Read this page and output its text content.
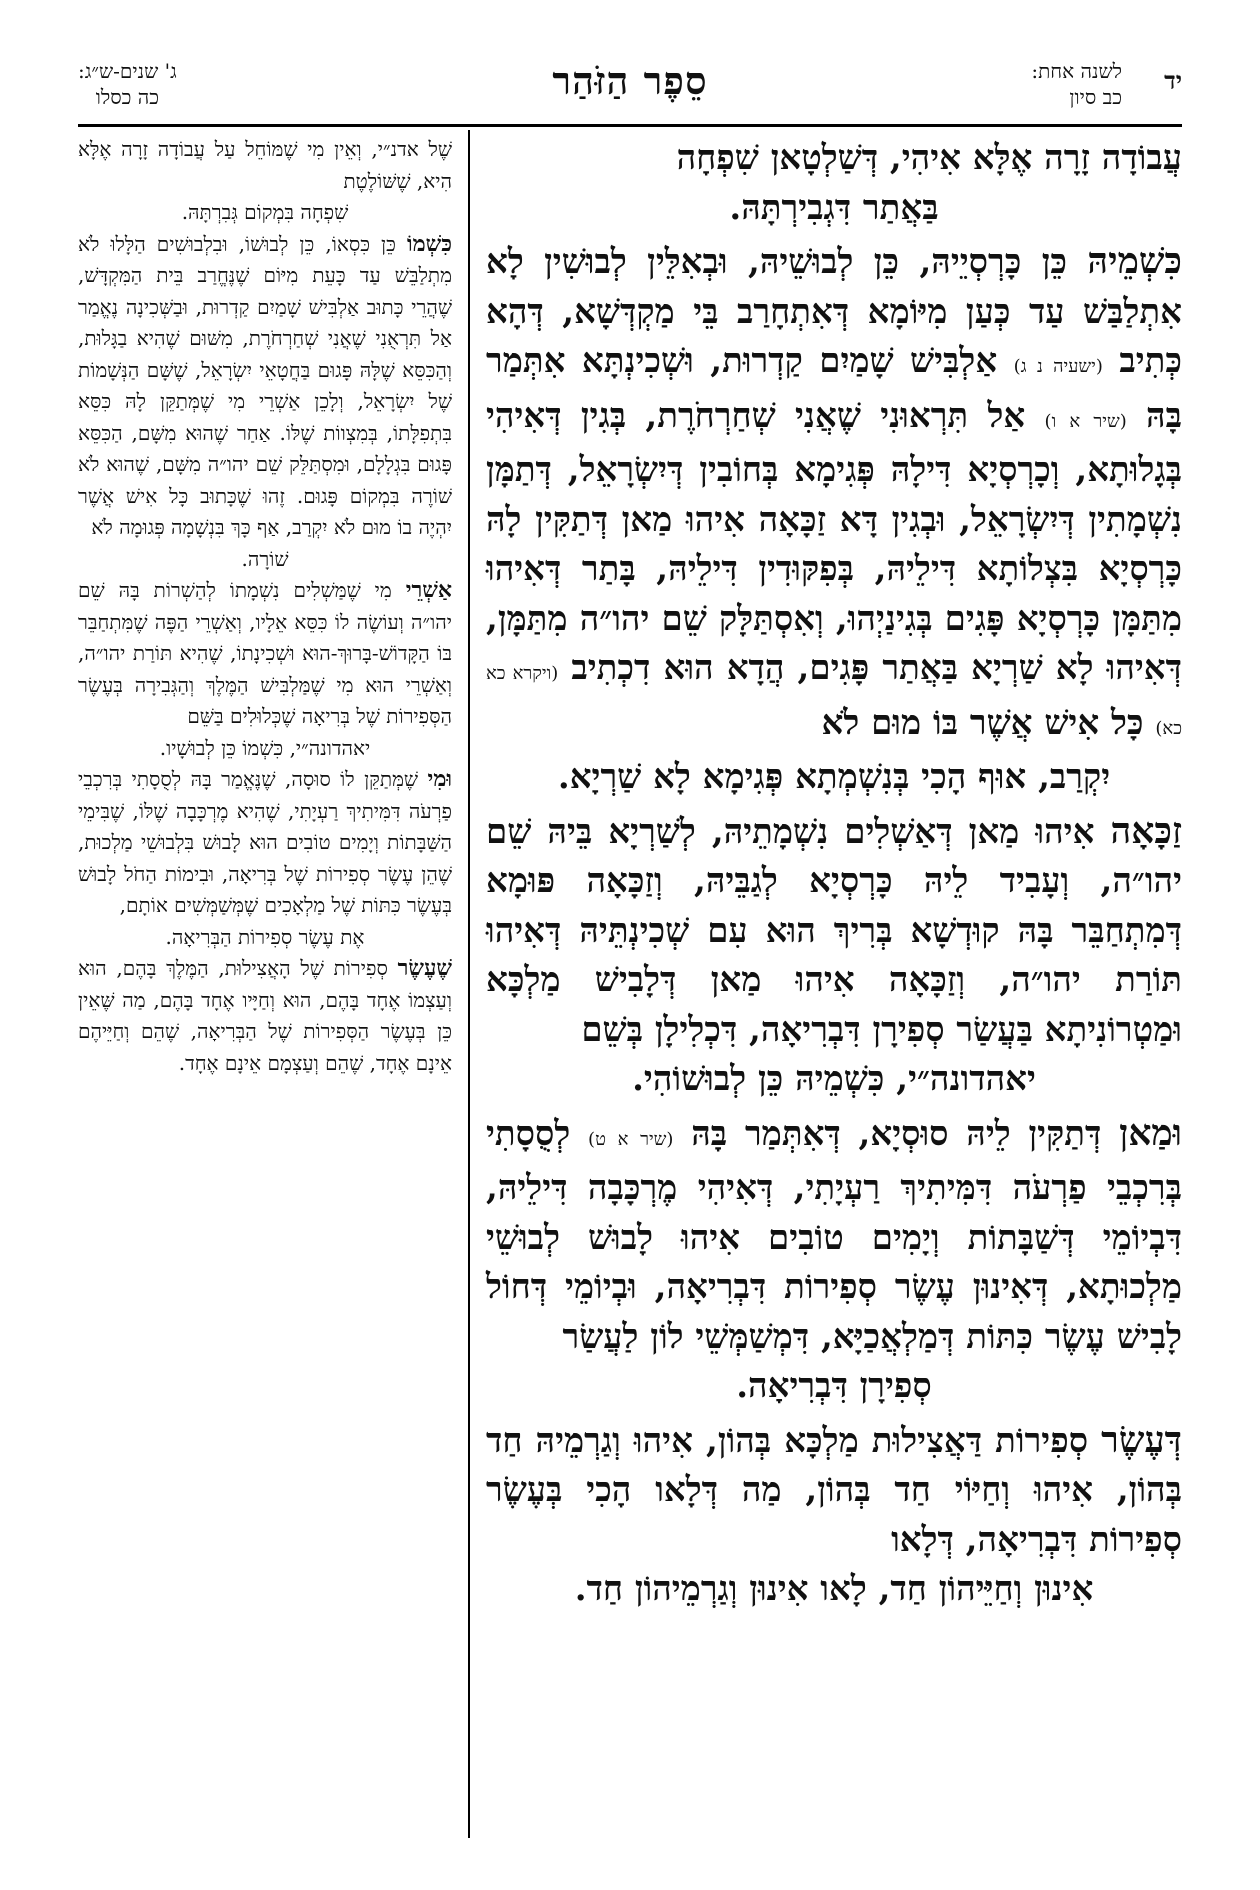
יד
לשנה אחת:
כב סיון
סֵפֶר הַזֹּהַר
ג' שנים-ש״ג:
כה כסלו

עֲבוֹדָה זָרָה אֶלָּא אִיהִי, דְּשַׁלְטָאן שִׁפְחָה
בַּאֲתַר דִּגְבִירְתָּהּ.

כִּשְׁמֵיהּ כֵּן כָּרְסְיֵיהּ, כֵּן לְבוּשֵׁיהּ, וּבְאִלֵּין לְבוּשִׁין לָא אִתְלַבַּשׁ עַד כְּעַן מִיּוֹמָא דְּאִתְחָרַב בֵּי מַקְדְּשָׁא, דְּהָא כְּתִיב (ישעיה נ ג) אַלְבִּישׁ שָׁמַיִם קַדְרוּת, וּשְׁכִינְתָּא אִתְּמַר בָּהּ (שיר א ו) אַל תִּרְאוּנִי שֶׁאֲנִי שְׁחַרְחֹרֶת, בְּגִין דְּאִיהִי בְּגָלוּתָא, וְכָרְסְיָא דִּילָהּ פְּגִימָא בְּחוֹבִין דְּיִשְׂרָאֵל, דְּתַמָּן נִשְׁמָתִין דְּיִשְׂרָאֵל, וּבְגִין דָּא זַכָּאָה אִיהוּ מַאן דְּתַקִּין לָהּ כָּרְסְיָא בִּצְלוֹתָא דִּילֵיהּ, בְּפִקּוּדִין דִּילֵיהּ, בָּתַר דְּאִיהוּ מִתַּמָּן כָּרְסְיָא פָּגִים בְּגִינַיְהוּ, וְאִסְתַּלָּק שֵׁם יהו״ה מִתַּמָּן, דְּאִיהוּ לָא שַׁרְיָא בַּאֲתַר פָּגִים, הֲדָא הוּא דִכְתִיב (ויקרא כא כא) כָּל אִישׁ אֲשֶׁר בּוֹ מוּם לֹא
יִקְרַב, אוּף הָכִי בְּנִשְׁמְתָא פְּגִימָא לָא שַׁרְיָא.

זַכָּאָה אִיהוּ מַאן דְּאַשְׁלִים נִשְׁמָתֵיהּ, לְשַׁרְיָא בֵּיהּ שֵׁם יהו״ה, וְעָבִיד לֵיהּ כָּרְסְיָא לְגַבֵּיהּ, וְזַכָּאָה פּוּמָא דְּמִתְחַבֵּר בָּהּ קוּדְשָׁא בְּרִיךְ הוּא עִם שְׁכִינְתֵּיהּ דְּאִיהוּ תּוֹרַת יהו״ה, וְזַכָּאָה אִיהוּ מַאן דְּלָבִישׁ מַלְכָּא וּמַטְרוֹנִיתָא בַּעֲשַׂר סְפִירָן דִּבְרִיאָה, דִּכְלִילָן בְּשֵׁם
יאהדונה״י, כִּשְׁמֵיהּ כֵּן לְבוּשׁוֹהִי.

וּמַאן דְּתַקִּין לֵיהּ סוּסְיָא, דְּאִתְּמַר בָּהּ (שיר א ט) לְסֻסָתִי בְּרִכְבֵי פַרְעֹה דִּמִּיתִיךְ רַעְיָתִי, דְּאִיהִי מֶרְכָּבָה דִּילֵיהּ, דִּבְיוֹמֵי דְּשַׁבָּתוֹת וְיָמִים טוֹבִים אִיהוּ לָבוּשׁ לְבוּשֵׁי מַלְכוּתָא, דְּאִינוּן עֶשֶׂר סְפִירוֹת דִּבְרִיאָה, וּבְיוֹמֵי דְּחוֹל לָבִישׁ עֶשֶׂר כִּתּוֹת דְּמַלְאֲכַיָּא, דִּמְשַׁמְּשֵׁי לוֹן לַעֲשַׂר
סְפִירָן דִּבְרִיאָה.

דְּעֶשֶׂר סְפִירוֹת דַּאֲצִילוּת מַלְכָּא בְּהוֹן, אִיהוּ וְגַרְמֵיהּ חַד בְּהוֹן, אִיהוּ וְחַיּוֹי חַד בְּהוֹן, מַה דְּלָאו הָכִי בְּעֶשֶׂר סְפִירוֹת דִּבְרִיאָה, דְּלָאו
אִינוּן וְחַיֵּיהוֹן חַד, לָאו אִינוּן וְגַרְמֵיהוֹן חַד.

שֶׁל אדנ״י, וְאֵין מִי שֶׁמּוֹחֵל עַל עֲבוֹדָה זָרָה אֶלָּא הִיא, שֶׁשּׁוֹלֶטֶת
שִׁפְחָה בִּמְקוֹם גְּבִרְתָּהּ.

כִּשְׁמוֹ כֵּן כִּסְאוֹ, כֵּן לְבוּשׁוֹ, וּבִלְבוּשִׁים הַלָּלוּ לֹא מִתְלַבֵּשׁ עַד כָּעֵת מִיּוֹם שֶׁנֶּחֱרַב בֵּית הַמִּקְדָּשׁ, שֶׁהֲרֵי כָּתוּב אַלְבִּישׁ שָׁמַיִם קַדְרוּת, וּבַשְּׁכִינָה נֶאֱמַר אַל תִּרְאֻנִי שֶׁאֲנִי שְׁחַרְחֹרֶת, מִשּׁוּם שֶׁהִיא בַגָּלוּת, וְהַכִּסֵּא שֶׁלָּהּ פָּגוּם בַּחֲטָאֵי יִשְׂרָאֵל, שֶׁשָּׁם הַנְּשָׁמוֹת שֶׁל יִשְׂרָאֵל, וְלָכֵן אַשְׁרֵי מִי שֶׁמְּתַקֵּן לָהּ כִּסֵּא בִּתְפִלָּתוֹ, בְּמִצְווֹת שֶׁלּוֹ. אַחַר שֶׁהוּא מִשָּׁם, הַכִּסֵּא פָּגוּם בִּגְלָלָם, וּמִסְתַּלֵּק שֵׁם יהו״ה מִשָּׁם, שֶׁהוּא לֹא שׁוֹרֶה בִּמְקוֹם פָּגוּם. זֶהוּ שֶׁכָּתוּב כָּל אִישׁ אֲשֶׁר יִהְיֶה בוֹ מוּם לֹא יִקְרַב, אַף כָּךְ בִּנְשָׁמָה פְּגוּמָה לֹא
שׁוֹרָה.

אַשְׁרֵי מִי שֶׁמַּשְׁלִים נִשְׁמָתוֹ לְהַשְׁרוֹת בָּהּ שֵׁם יהו״ה וְעוֹשֶׂה לוֹ כִּסֵּא אֵלָיו, וְאַשְׁרֵי הַפֶּה שֶׁמִּתְחַבֵּר בּוֹ הַקָּדוֹשׁ-בָּרוּךְ-הוּא וּשְׁכִינָתוֹ, שֶׁהִיא תּוֹרַת יהו״ה, וְאַשְׁרֵי הוּא מִי שֶׁמַּלְבִּישׁ הַמֶּלֶךְ וְהַגְּבִירָה בְּעֶשֶׂר הַסְּפִירוֹת שֶׁל בְּרִיאָה שֶׁכְּלוּלִים בַּשֵּׁם
יאהדונה״י, כִּשְׁמוֹ כֵּן לְבוּשָׁיו.

וּמִי שֶׁמְּתַקֵּן לוֹ סוּסָה, שֶׁנֶּאֱמַר בָּהּ לְסֻסָתִי בְּרִכְבֵי פַרְעֹה דִּמִּיתִיךְ רַעְיָתִי, שֶׁהִיא מֶרְכָּבָה שֶׁלּוֹ, שֶׁבִּימֵי הַשַּׁבָּתוֹת וְיָמִים טוֹבִים הוּא לָבוּשׁ בִּלְבוּשֵׁי מַלְכוּת, שֶׁהֵן עֶשֶׂר סְפִירוֹת שֶׁל בְּרִיאָה, וּבִימוֹת הַחֹל לָבוּשׁ בְּעֶשֶׂר כִּתּוֹת שֶׁל מַלְאָכִים שֶׁמְּשַׁמְּשִׁים אוֹתָם,
אֶת עֶשֶׂר סְפִירוֹת הַבְּרִיאָה.

שֶׁעֶשֶׂר סְפִירוֹת שֶׁל הָאֲצִילוּת, הַמֶּלֶךְ בָּהֶם, הוּא וְעַצְמוֹ אֶחָד בָּהֶם, הוּא וְחַיָּיו אֶחָד בָּהֶם, מַה שֶּׁאֵין כֵּן בְּעֶשֶׂר הַסְּפִירוֹת שֶׁל הַבְּרִיאָה, שֶׁהֵם וְחַיֵּיהֶם אֵינָם אֶחָד, שֶׁהֵם וְעַצְמָם אֵינָם אֶחָד.
